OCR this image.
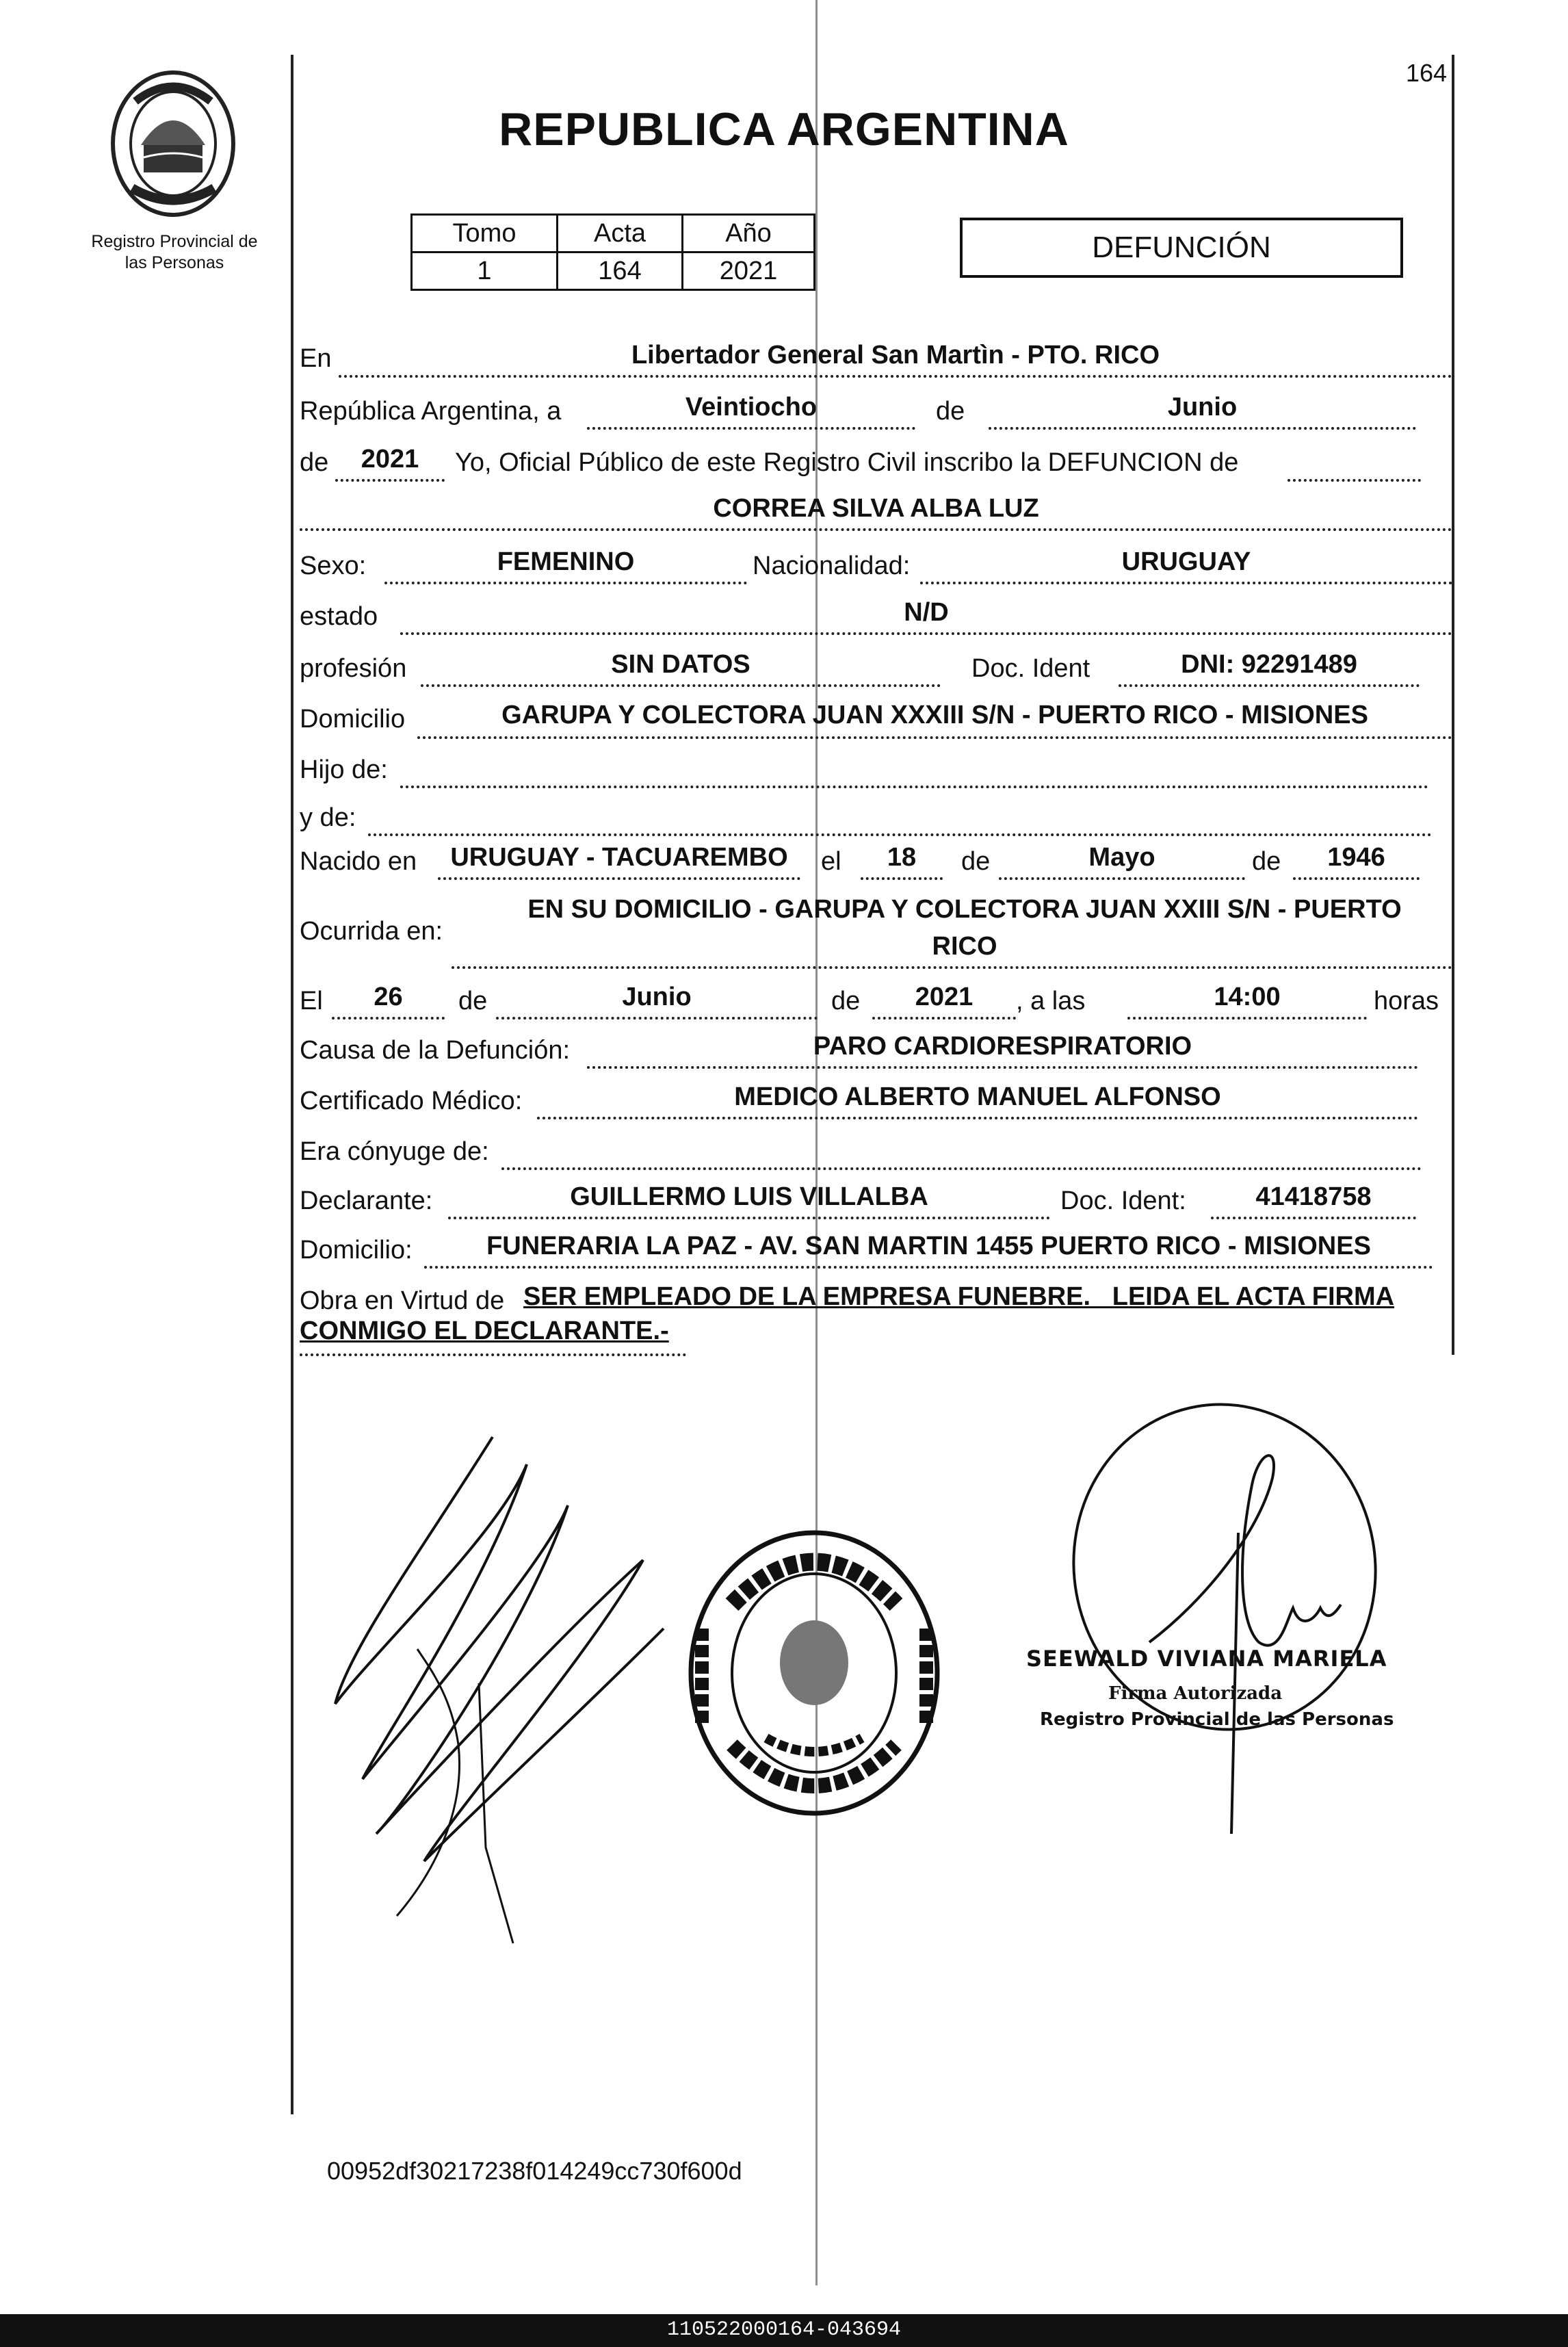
164
Registro Provincial de
las Personas
REPUBLICA ARGENTINA
Tomo	Acta	Año
1	164	2021
DEFUNCIÓN
En	Libertador General San Martìn - PTO. RICO
República Argentina, a	Veintiocho	de	Junio
de	2021	Yo, Oficial Público de este Registro Civil inscribo la DEFUNCION de
CORREA SILVA ALBA LUZ
Sexo:	FEMENINO	Nacionalidad:	URUGUAY
estado	N/D
profesión	SIN DATOS	Doc. Ident	DNI: 92291489
Domicilio	GARUPA Y COLECTORA JUAN XXXIII S/N - PUERTO RICO - MISIONES
Hijo de:
y de:
Nacido en	URUGUAY - TACUAREMBO	el	18	de	Mayo	de	1946
Ocurrida en:
EN SU DOMICILIO - GARUPA Y COLECTORA JUAN XXIII S/N - PUERTO
RICO
El	26	de	Junio	de	2021	, a las	14:00	horas
Causa de la Defunción:	PARO CARDIORESPIRATORIO
Certificado Médico:	MEDICO ALBERTO MANUEL ALFONSO
Era cónyuge de:
Declarante:	GUILLERMO LUIS VILLALBA	Doc. Ident:	41418758
Domicilio:	FUNERARIA LA PAZ - AV. SAN MARTIN 1455 PUERTO RICO - MISIONES
Obra en Virtud de SER EMPLEADO DE LA EMPRESA FUNEBRE._ LEIDA EL ACTA FIRMA
CONMIGO EL DECLARANTE.-
SEEWALD VIVIANA MARIELA
Firma Autorizada
Registro Provincial de las Personas
00952df30217238f014249cc730f600d
110522000164-043694
